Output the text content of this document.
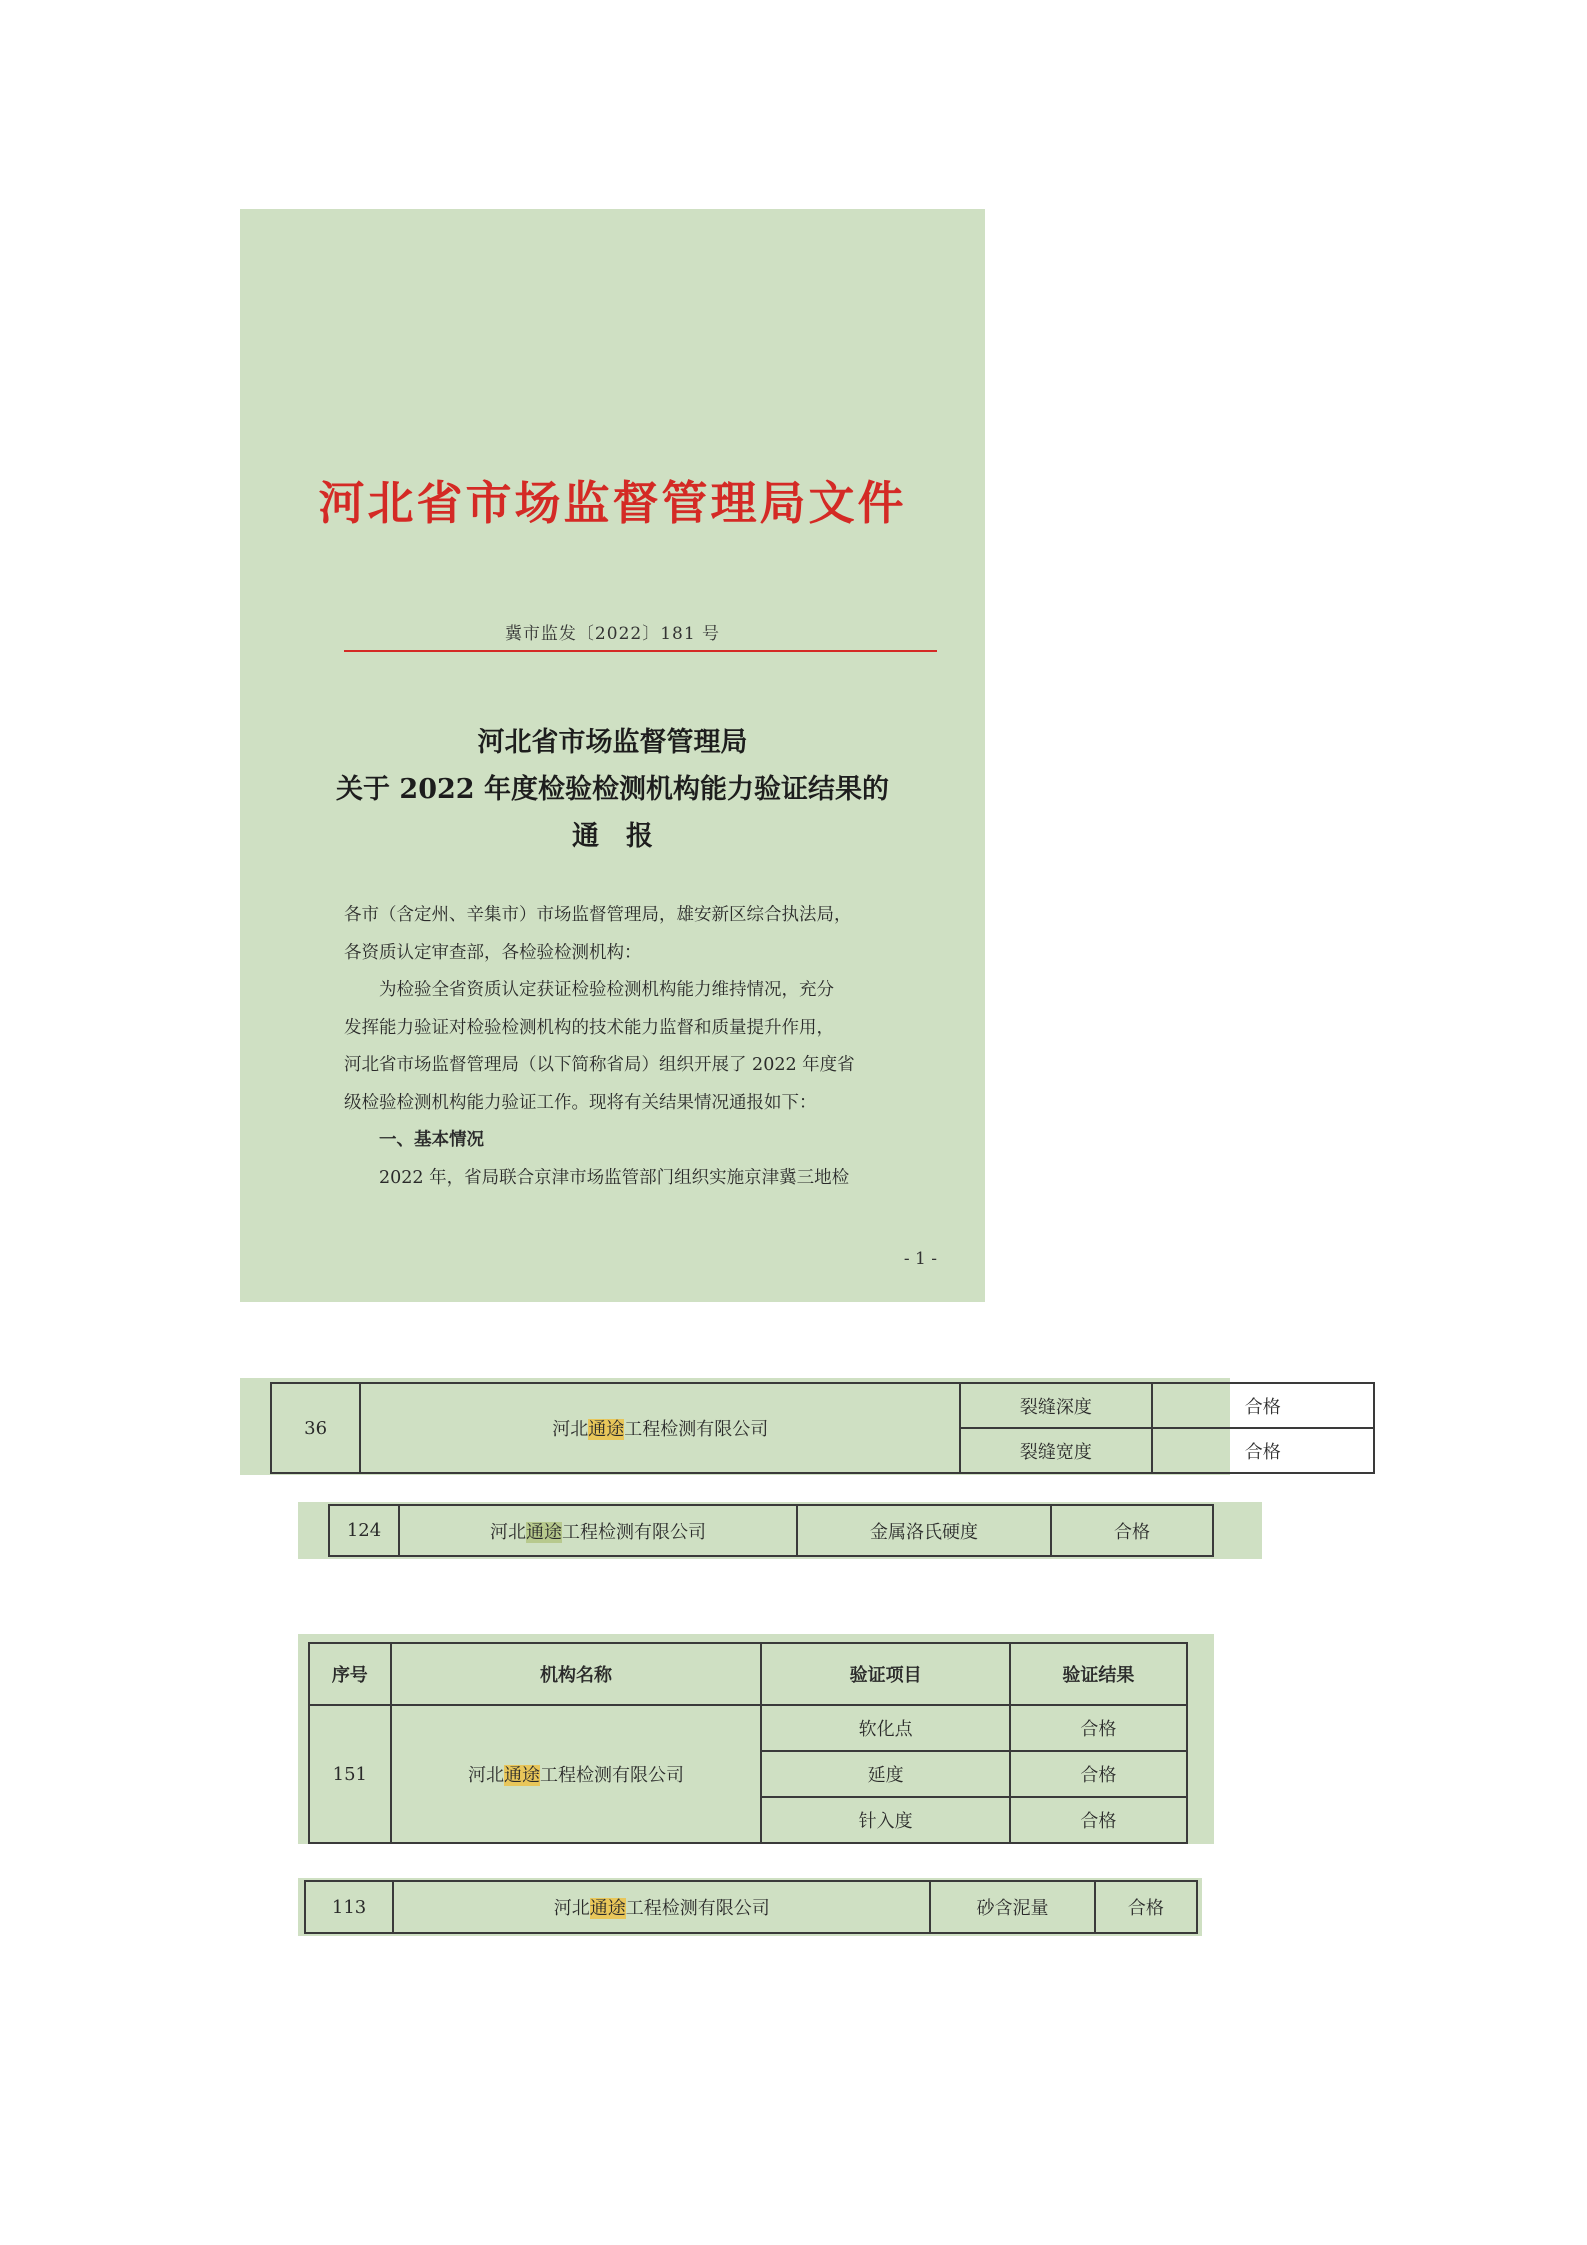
河北省市场监督管理局文件
冀市监发〔2022〕181 号
河北省市场监督管理局
关于 2022 年度检验检测机构能力验证结果的
通　报

各市（含定州、辛集市）市场监督管理局，雄安新区综合执法局，

各资质认定审查部，各检验检测机构：

为检验全省资质认定获证检验检测机构能力维持情况，充分

发挥能力验证对检验检测机构的技术能力监督和质量提升作用，

河北省市场监督管理局（以下简称省局）组织开展了 2022 年度省

级检验检测机构能力验证工作。现将有关结果情况通报如下：

一、基本情况

2022 年，省局联合京津市场监管部门组织实施京津冀三地检

- 1 -
36	河北通途工程检测有限公司	裂缝深度	合格
		裂缝宽度	合格
124	河北通途工程检测有限公司	金属洛氏硬度	合格
序号	机构名称	验证项目	验证结果
151	河北通途工程检测有限公司	软化点	合格
		延度	合格
		针入度	合格
113	河北通途工程检测有限公司	砂含泥量	合格
